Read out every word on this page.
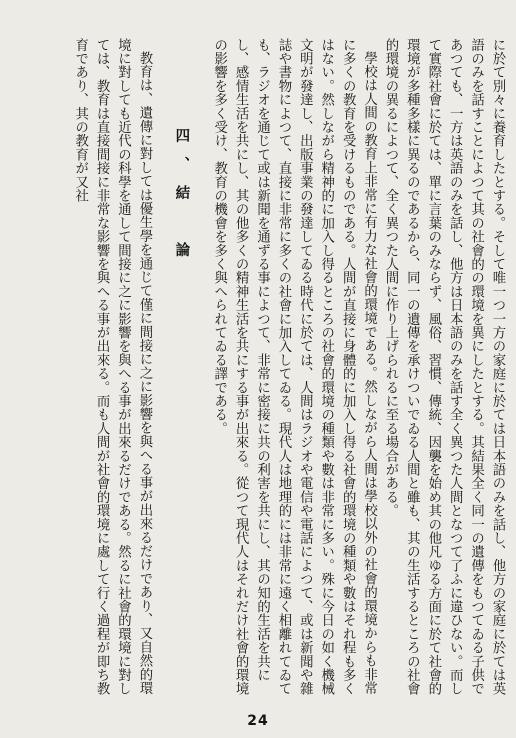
に於て別々に養育したとする。そして唯一つ一方の家庭に於ては日本語のみを話し、他方の家庭に於ては英語のみを話すことによつて其の社會的の環境を異にしたとする。其結果全く同一の遺傳をもつてゐる子供であつても、一方は英語のみを話し、他方は日本語のみを話す全く異つた人間となつて了ふに違ひない。而して實際社會に於ては、單に言葉のみならず、風俗、習慣、傳統、因襲を始め其の他凡ゆる方面に於て社會的環境が多種多樣に異るのであるから、同一の遺傳を承けついでゐる人間と雖も、其の生活するところの社會的環境の異るによつて、全く異つた人間に作り上げられるに至る場合がある。

學校は人間の教育上非常に有力な社會的環境である。然しながら人間は學校以外の社會的環境からも非常に多くの教育を受けるものである。人間が直接に身體的に加入し得る社會的環境の種類や數はそれ程も多くはない。然しながら精神的に加入し得るところの社會的環境の種類や數は非常に多い。殊に今日の如く機械文明が發達し、出版事業の發達してゐる時代に於ては、人間はラジオや電信や電話によつて、或は新聞や雜誌や書物によつて、直接に非常に多くの社會に加入してゐる。現代人は地理的には非常に遠く相離れてゐても、ラジオを通じて或は新聞を通ずる事によつて、非常に密接に共の利害を共にし、其の知的生活を共にし、感情生活を共にし、其の他多くの精神生活を共にする事が出來る。從つて現代人はそれだけ社會的環境の影響を多く受け、教育の機會を多く與へられてゐる譯である。

四、結　論

教育は、遺傳に對しては優生學を通じて僅に間接に之に影響を與へる事が出來るだけであり、又自然的環境に對しても近代の科學を通して間接に之に影響を與へる事が出來るだけである。然るに社會的環境に對しては、教育は直接間接に非常な影響を與へる事が出來る。而も人間が社會的環境に處して行く過程が即ち教育であり、其の教育が又社

24
